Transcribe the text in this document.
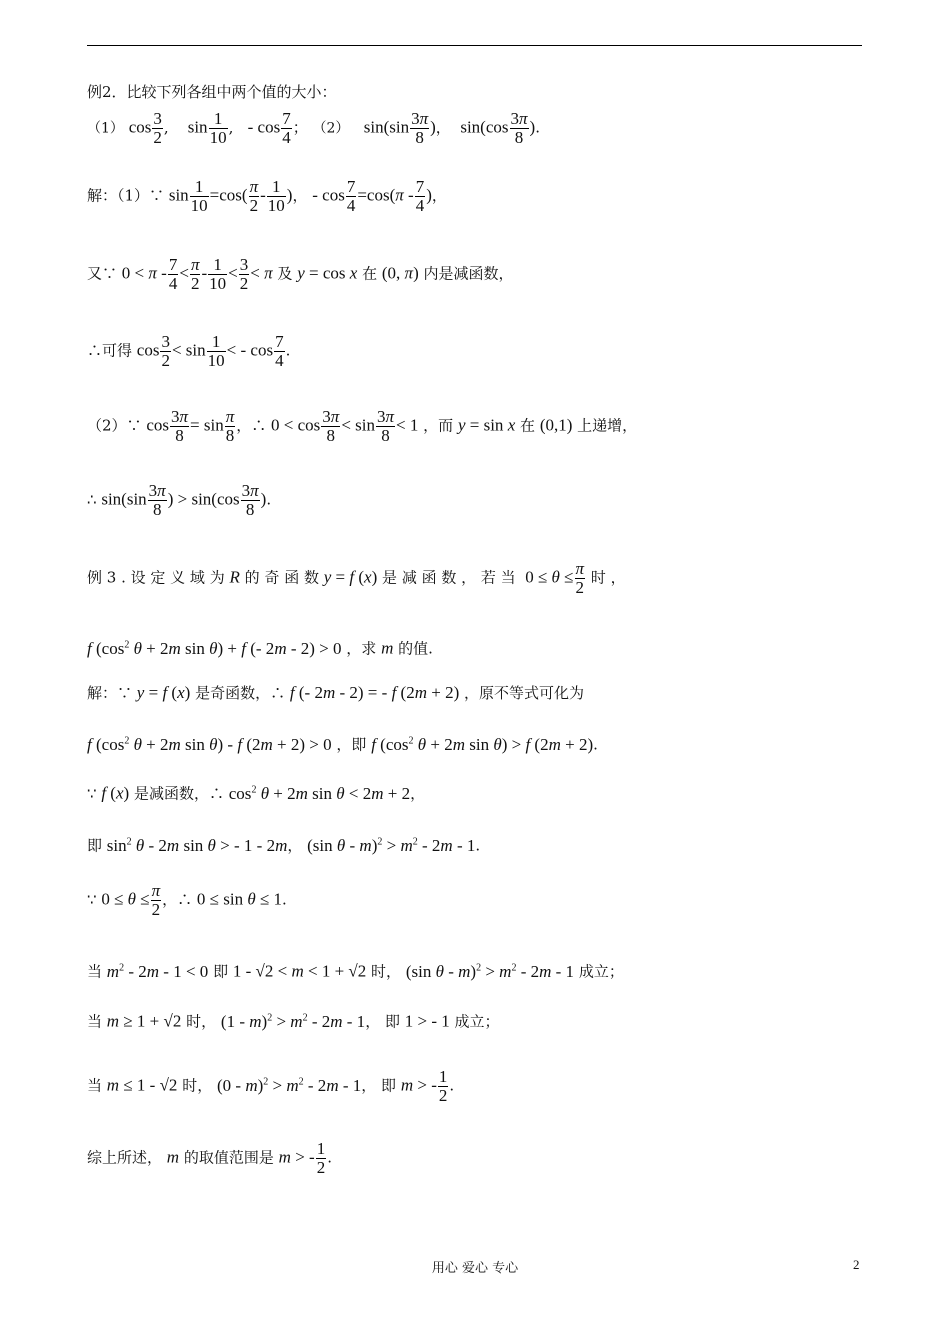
例2．比较下列各组中两个值的大小：
（1） $\cos \frac{3}{2}$ ,    $\sin \frac{1}{10}$ ,   - $\cos \frac{7}{4}$ ； （2） $\sin(\sin \frac{3\pi}{8}$ )，  $\sin(\cos \frac{3\pi}{8}$ ).
解：（1）∵ $\sin \frac{1}{10} =\cos( \frac{\pi}{2} - \frac{1}{10}$ )， - $\cos \frac{7}{4} =\cos(\pi - \frac{7}{4}$ )，
又∵ $0 < \pi - \frac{7}{4} < \frac{\pi}{2} - \frac{1}{10} < \frac{3}{2} < \pi$ 及 y = cos x 在 (0, π) 内是减函数，
∴可得 $\cos \frac{3}{2} < \sin \frac{1}{10}$ < - $\cos \frac{7}{4}$ .
（2）∵ $\cos \frac{3\pi}{8} = \sin \frac{\pi}{8}$ ，∴ $0 < \cos \frac{3\pi}{8} < \sin \frac{3\pi}{8} < 1$ ，而 y = sin x 在 (0,1) 上递增，
∴ $\sin(\sin \frac{3\pi}{8}$ ) > $\sin(\cos \frac{3\pi}{8}$ ).
例 3 . 设 定 义 域 为 R 的 奇 函 数 y = f (x) 是 减 函 数 ， 若 当 $0 \le \theta \le \frac{\pi}{2}$ 时 ，
f ($\cos^2$ θ + 2m sin θ) + f (- 2m - 2) > 0 ，求 m 的值.
解：∵ y = f (x) 是奇函数，∴ f (- 2m - 2) = - f (2m + 2) ，原不等式可化为
f ($\cos^2$ θ + 2m sin θ) - f (2m + 2) > 0 ，即 f ($\cos^2$ θ + 2m sin θ) > f (2m + 2).
∵ f (x) 是减函数，∴ $\cos^2 \theta + 2m$ sin θ < 2m + 2，
即 $\sin^2 \theta - 2m$ sin θ > - 1 - 2m， (sin $\theta - m)^2 > m^2 - 2m - 1$.
∵ $0 \le \theta \le \frac{\pi}{2}$ ，∴ 0 ≤ sin θ ≤ 1.
当 $m^2 - 2m - 1 < 0$ 即 1 - √2 < m < 1 + √2 时， (sin $\theta - m)^2 > m^2 - 2m - 1$ 成立；
当 m ≥ 1 + √2 时， $(1 - m)^2 > m^2 - 2m - 1$， 即 1 > - 1 成立；
当 m ≤ 1 - √2 时， $(0 - m)^2 > m^2 - 2m - 1$， 即 m > - $\frac{1}{2}$ .
综上所述， m 的取值范围是 m > - $\frac{1}{2}$ .
用心 爱心 专心	2
